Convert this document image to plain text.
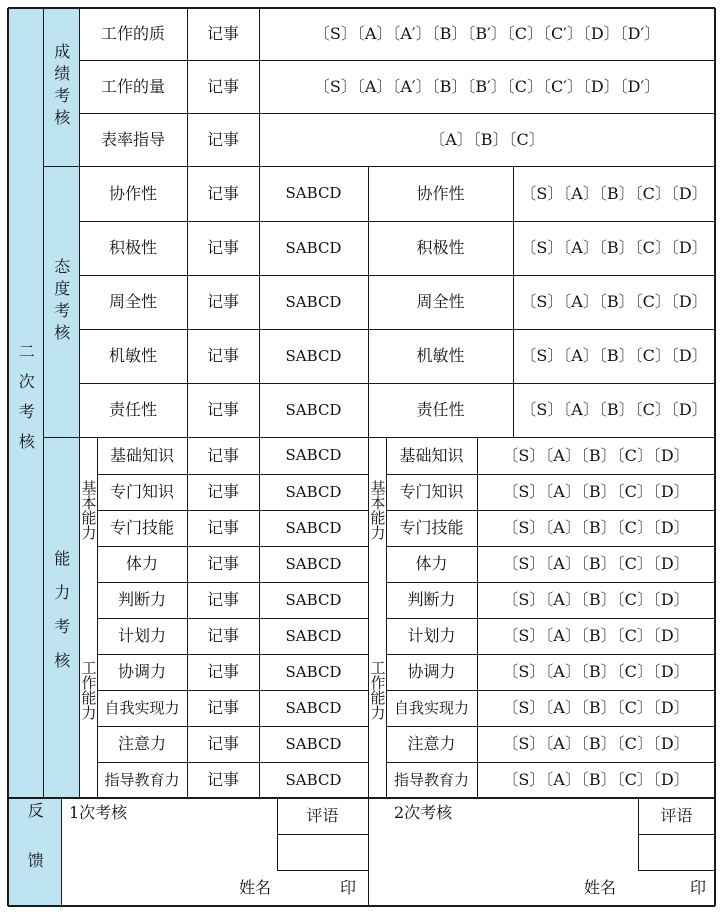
二次考核
成绩考核
态度考核
能力考核
反馈
工作的质	记事	〔S〕〔A〕〔A′〕〔B〕〔B′〕〔C〕〔C′〕〔D〕〔D′〕
工作的量	记事	〔S〕〔A〕〔A′〕〔B〕〔B′〕〔C〕〔C′〕〔D〕〔D′〕
表率指导	记事	〔A〕〔B〕〔C〕
协作性	记事	SABCD	协作性	〔S〕〔A〕〔B〕〔C〕〔D〕
积极性	记事	SABCD	积极性	〔S〕〔A〕〔B〕〔C〕〔D〕
周全性	记事	SABCD	周全性	〔S〕〔A〕〔B〕〔C〕〔D〕
机敏性	记事	SABCD	机敏性	〔S〕〔A〕〔B〕〔C〕〔D〕
责任性	记事	SABCD	责任性	〔S〕〔A〕〔B〕〔C〕〔D〕
基本能力
工作能力
基本能力
工作能力
基础知识	记事	SABCD	基础知识	〔S〕〔A〕〔B〕〔C〕〔D〕
专门知识	记事	SABCD	专门知识	〔S〕〔A〕〔B〕〔C〕〔D〕
专门技能	记事	SABCD	专门技能	〔S〕〔A〕〔B〕〔C〕〔D〕
体力	记事	SABCD	体力	〔S〕〔A〕〔B〕〔C〕〔D〕
判断力	记事	SABCD	判断力	〔S〕〔A〕〔B〕〔C〕〔D〕
计划力	记事	SABCD	计划力	〔S〕〔A〕〔B〕〔C〕〔D〕
协调力	记事	SABCD	协调力	〔S〕〔A〕〔B〕〔C〕〔D〕
自我实现力	记事	SABCD	自我实现力	〔S〕〔A〕〔B〕〔C〕〔D〕
注意力	记事	SABCD	注意力	〔S〕〔A〕〔B〕〔C〕〔D〕
指导教育力	记事	SABCD	指导教育力	〔S〕〔A〕〔B〕〔C〕〔D〕
1次考核	评语
姓名	印
2次考核	评语
姓名	印
